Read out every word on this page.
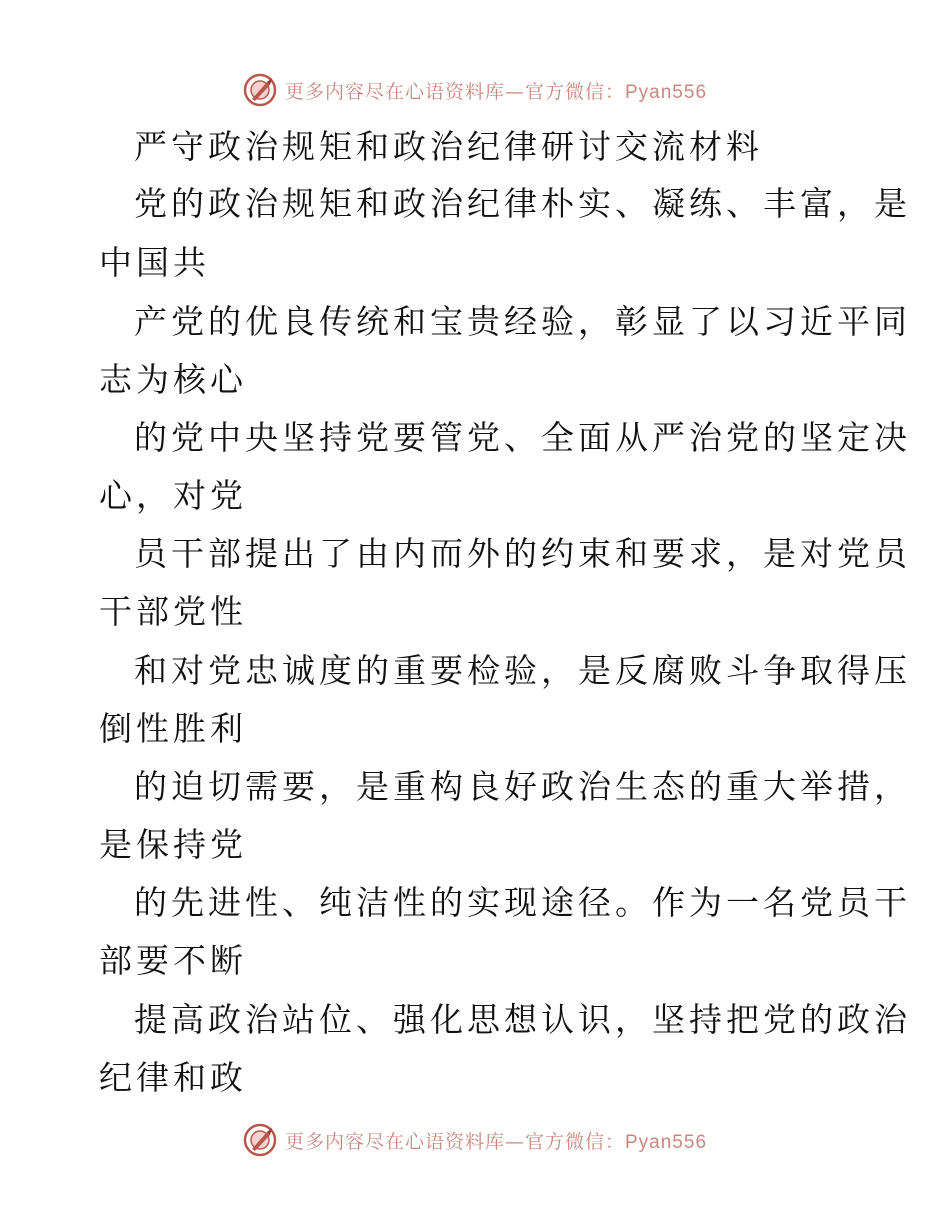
更多内容尽在心语资料库—官方微信：Pyan556
严守政治规矩和政治纪律研讨交流材料
党的政治规矩和政治纪律朴实、凝练、丰富，是
中国共
产党的优良传统和宝贵经验，彰显了以习近平同
志为核心
的党中央坚持党要管党、全面从严治党的坚定决
心，对党
员干部提出了由内而外的约束和要求，是对党员
干部党性
和对党忠诚度的重要检验，是反腐败斗争取得压
倒性胜利
的迫切需要，是重构良好政治生态的重大举措，
是保持党
的先进性、纯洁性的实现途径。作为一名党员干
部要不断
提高政治站位、强化思想认识，坚持把党的政治
纪律和政
更多内容尽在心语资料库—官方微信：Pyan556
